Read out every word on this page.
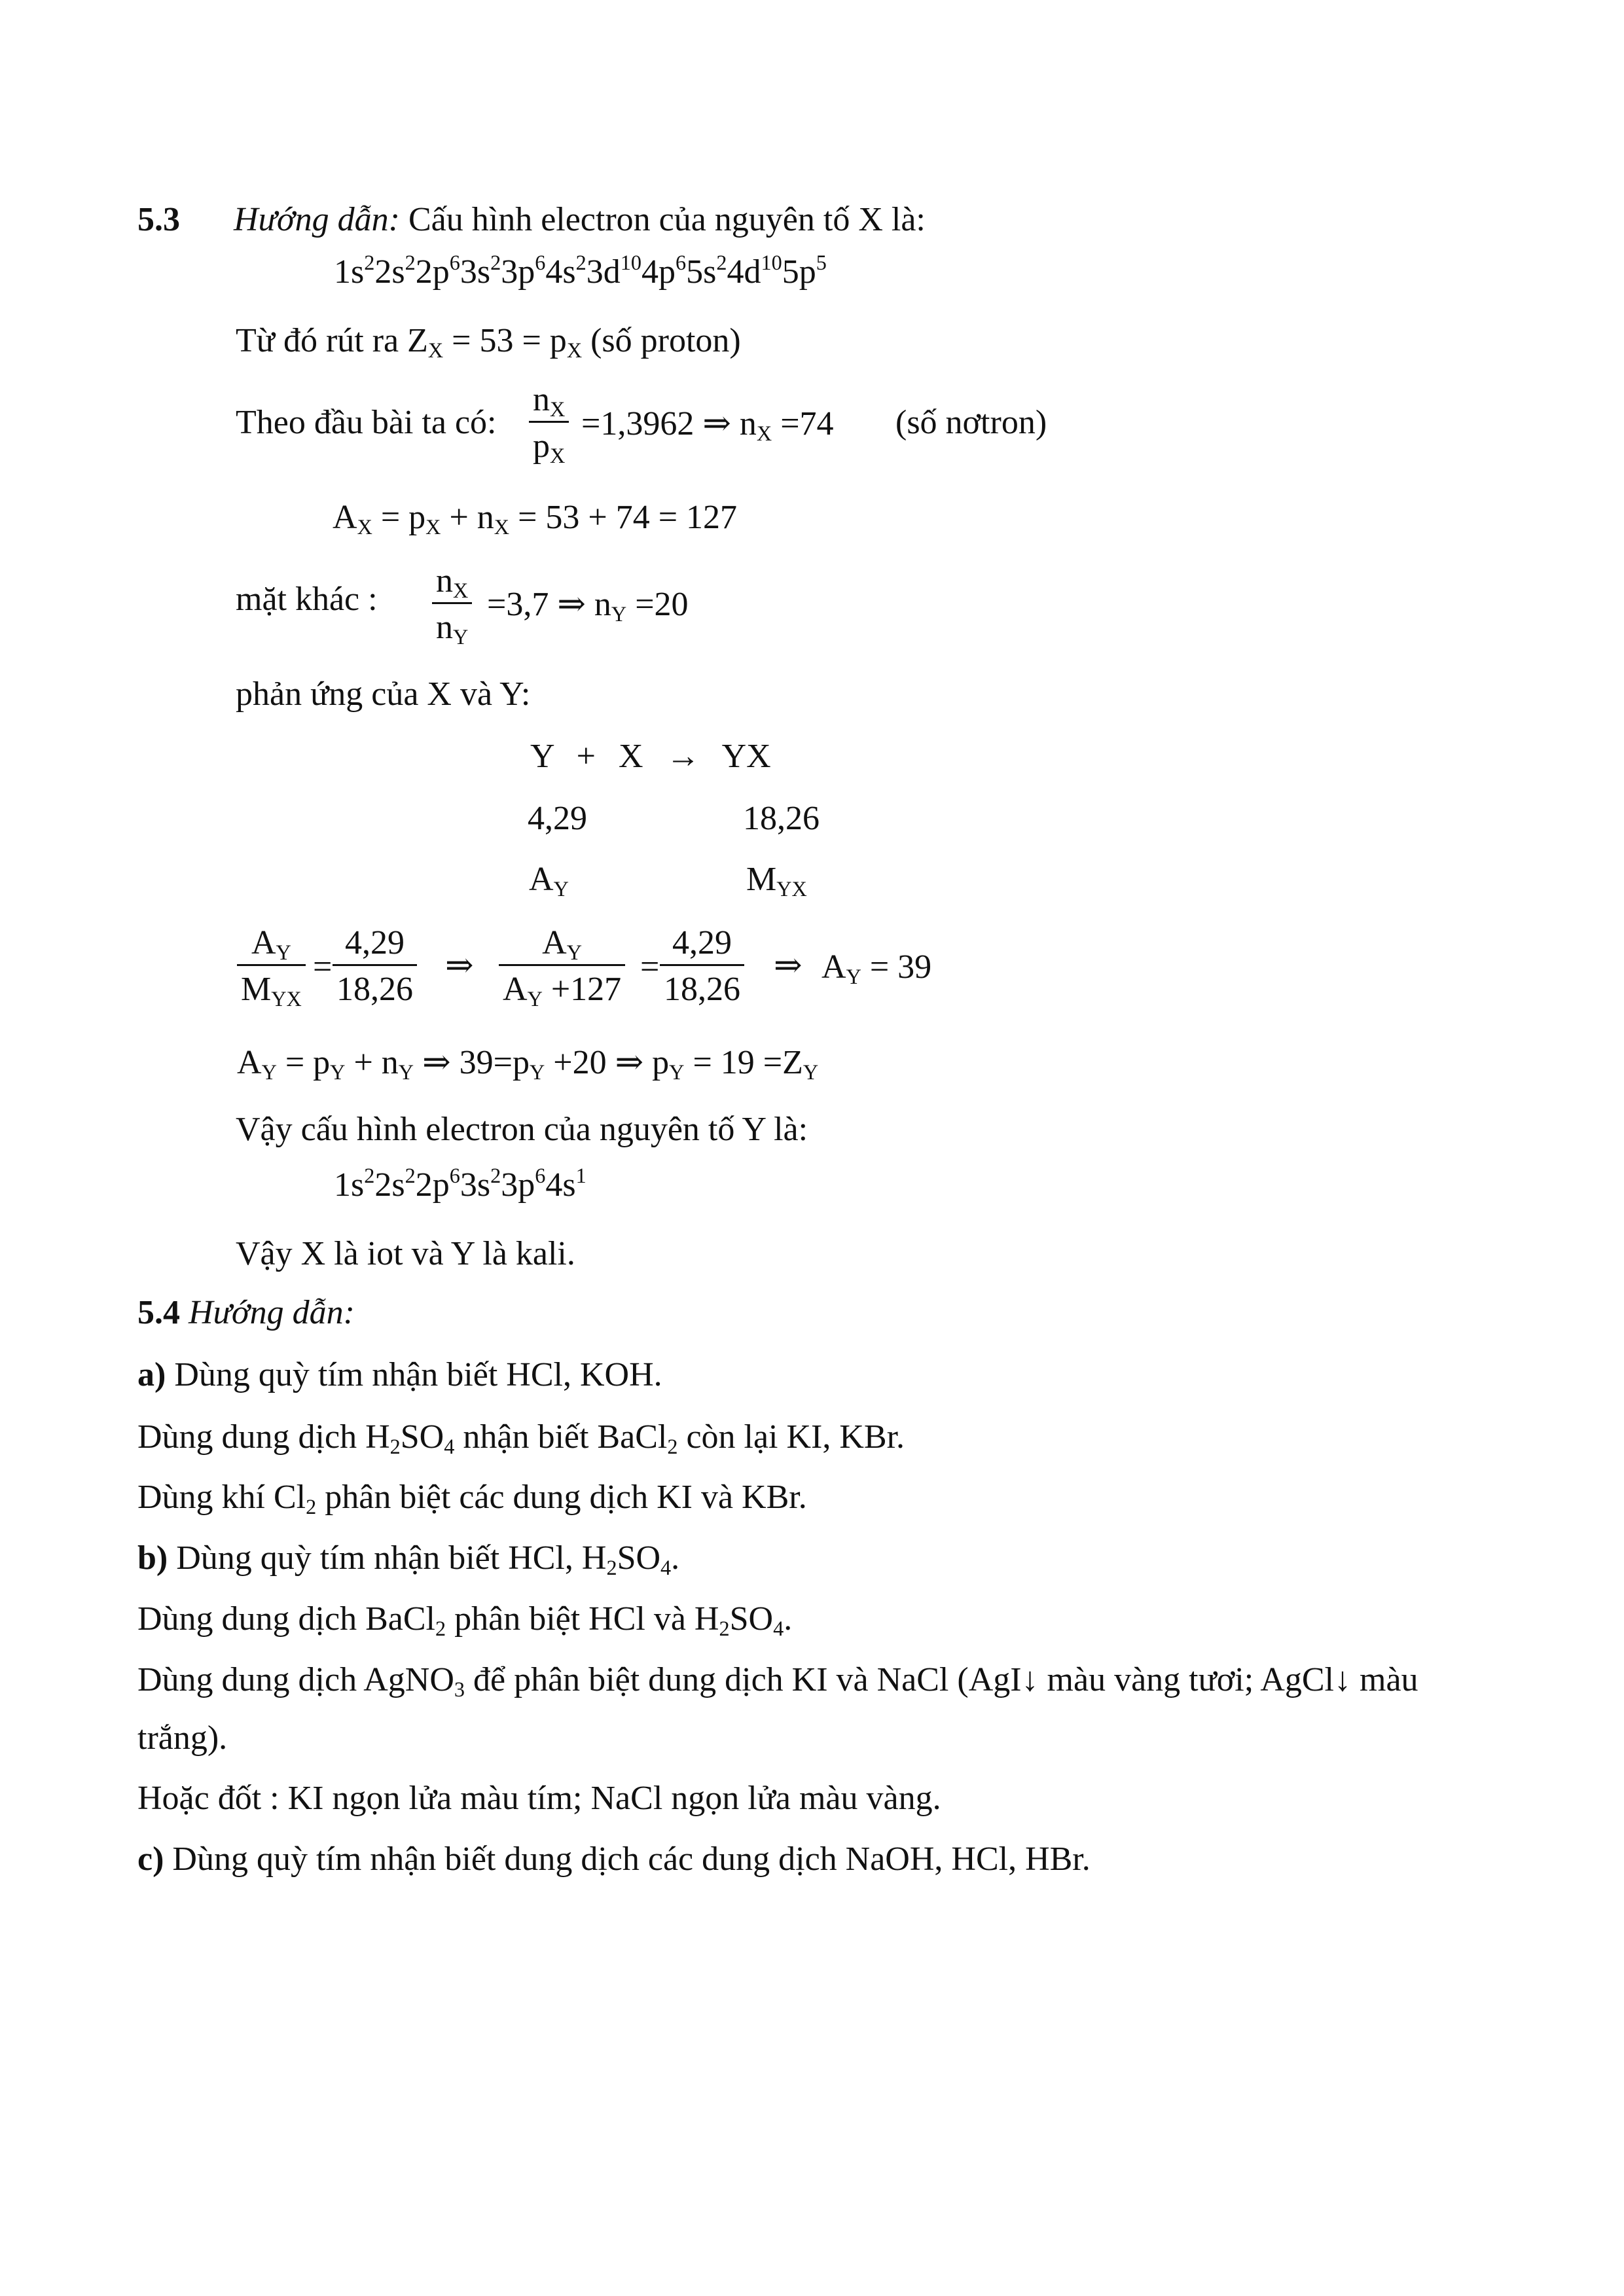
5.3 Hướng dẫn: Cấu hình electron của nguyên tố X là:
$1s^22s^22p^63s^23p^64s^23d^{10}4p^65s^24d^{10}5p^5$
Từ đó rút ra $Z_X = 53 = p_X$ (số proton)
Theo đầu bài ta có:
$n_X$
$p_X$
=1,3962 ⇒ $n_X =74$ (số nơtron)
$A_X = p_X + n_X = 53 + 74 = 127$
mặt khác : $n_X$
$n_Y$
=3,7 ⇒ $n_Y =20$
phản ứng của X và Y:
Y + X → YX
4,29	18,26
$A_Y$	$M_{YX}$
$A_Y$
$M_{YX}$
=
4,29
18,26
⇒
$A_Y$
$A_Y +127$
=
4,29
18,26
⇒ $A_Y = 39$
$A_Y = p_Y + n_Y$ ⇒ $39=p_Y +20$ ⇒ $p_Y = 19 =Z_Y$
Vậy cấu hình electron của nguyên tố Y là:
$1s^22s^22p^63s^23p^64s^1$
Vậy X là iot và Y là kali.
5.4 Hướng dẫn:
a) Dùng quỳ tím nhận biết HCl, KOH.
Dùng dung dịch $H_2SO_4$ nhận biết BaCl$_2$ còn lại KI, KBr.
Dùng khí $Cl_2$ phân biệt các dung dịch KI và KBr.
b) Dùng quỳ tím nhận biết HCl, $H_2SO_4$.
Dùng dung dịch BaCl$_2$ phân biệt HCl và $H_2SO_4$.
Dùng dung dịch AgNO$_3$ để phân biệt dung dịch KI và NaCl (AgI↓ màu vàng tươi; AgCl↓ màu
trắng).
Hoặc đốt : KI ngọn lửa màu tím; NaCl ngọn lửa màu vàng.
c) Dùng quỳ tím nhận biết dung dịch các dung dịch NaOH, HCl, HBr.
